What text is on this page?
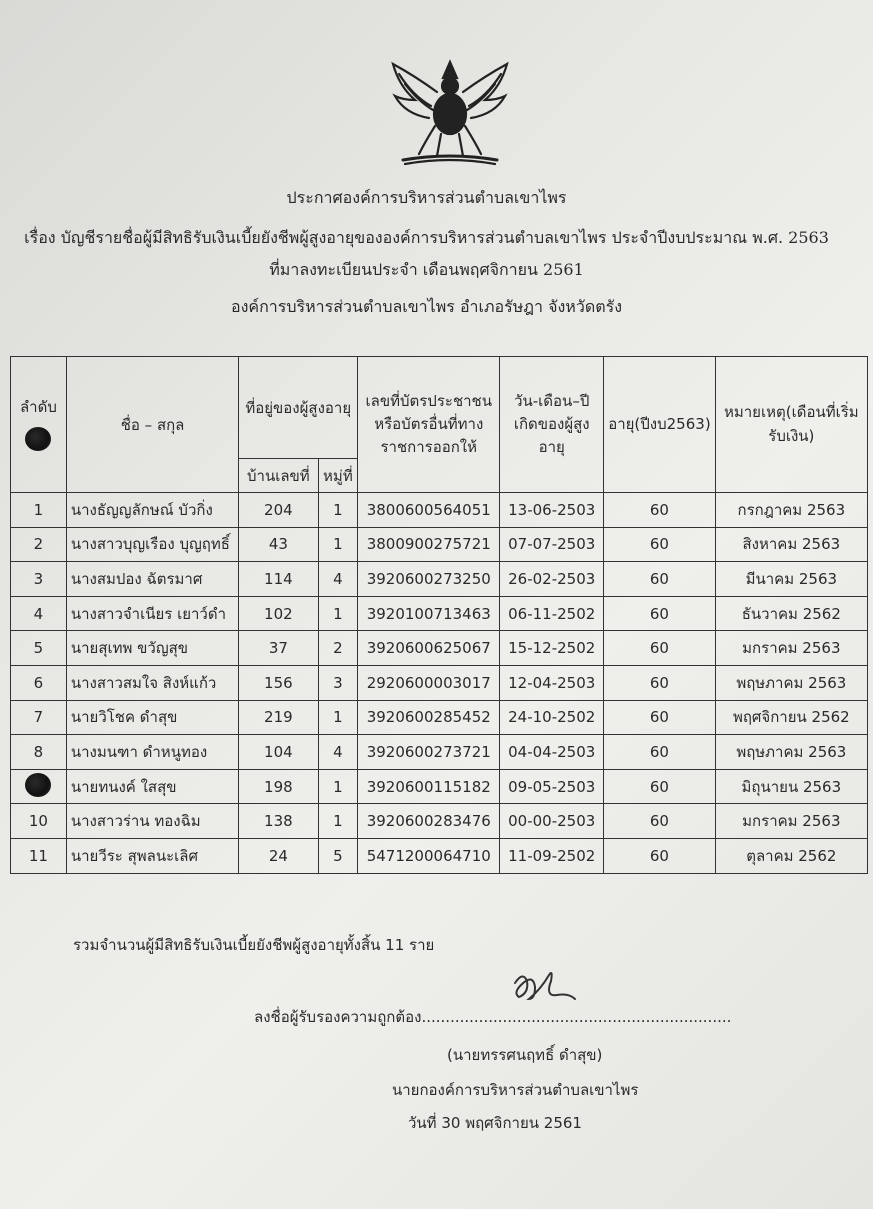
ประกาศองค์การบริหารส่วนตำบลเขาไพร
เรื่อง บัญชีรายชื่อผู้มีสิทธิรับเงินเบี้ยยังชีพผู้สูงอายุขององค์การบริหารส่วนตำบลเขาไพร ประจำปีงบประมาณ พ.ศ. 2563
ที่มาลงทะเบียนประจำ เดือนพฤศจิกายน 2561
องค์การบริหารส่วนตำบลเขาไพร อำเภอรัษฎา จังหวัดตรัง
ลำดับ	ชื่อ – สกุล	ที่อยู่ของผู้สูงอายุ		เลขที่บัตรประชาชนหรือบัตรอื่นที่ทางราชการออกให้	วัน-เดือน–ปีเกิดของผู้สูงอายุ	อายุ(ปีงบ2563)	หมายเหตุ(เดือนที่เริ่มรับเงิน)
		บ้านเลขที่	หมู่ที่				
1	นางธัญญลักษณ์ บัวกิ่ง	204	1	3800600564051	13-06-2503	60	กรกฎาคม 2563
2	นางสาวบุญเรือง บุญฤทธิ์	43	1	3800900275721	07-07-2503	60	สิงหาคม 2563
3	นางสมปอง ฉัตรมาศ	114	4	3920600273250	26-02-2503	60	มีนาคม 2563
4	นางสาวจำเนียร เยาว์ดำ	102	1	3920100713463	06-11-2502	60	ธันวาคม 2562
5	นายสุเทพ ขวัญสุข	37	2	3920600625067	15-12-2502	60	มกราคม 2563
6	นางสาวสมใจ สิงห์แก้ว	156	3	2920600003017	12-04-2503	60	พฤษภาคม 2563
7	นายวิโชค ดำสุข	219	1	3920600285452	24-10-2502	60	พฤศจิกายน 2562
8	นางมนฑา ดำหนูทอง	104	4	3920600273721	04-04-2503	60	พฤษภาคม 2563
	นายทนงค์ ใสสุข	198	1	3920600115182	09-05-2503	60	มิถุนายน 2563
10	นางสาวร่าน ทองฉิม	138	1	3920600283476	00-00-2503	60	มกราคม 2563
11	นายวีระ สุพลนะเลิศ	24	5	5471200064710	11-09-2502	60	ตุลาคม 2562
รวมจำนวนผู้มีสิทธิรับเงินเบี้ยยังชีพผู้สูงอายุทั้งสิ้น 11 ราย
ลงชื่อผู้รับรองความถูกต้อง.................................................................
(นายทรรศนฤทธิ์ ดำสุข)
นายกองค์การบริหารส่วนตำบลเขาไพร
วันที่ 30 พฤศจิกายน 2561
